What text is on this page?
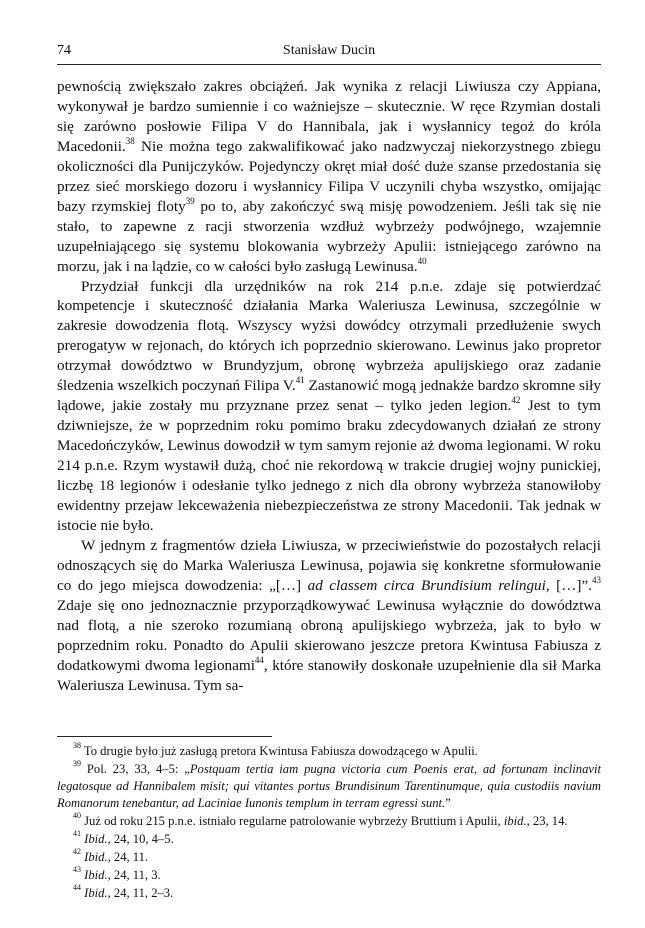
74	Stanisław Ducin

pewnością zwiększało zakres obciążeń. Jak wynika z relacji Liwiusza czy Appiana, wykonywał je bardzo sumiennie i co ważniejsze – skutecznie. W ręce Rzymian dostali się zarówno posłowie Filipa V do Hannibala, jak i wysłannicy tegoż do króla Macedonii.$^{38}$ Nie można tego zakwalifikować jako nadzwyczaj niekorzystnego zbiegu okoliczności dla Punijczyków. Pojedynczy okręt miał dość duże szanse przedostania się przez sieć morskiego dozoru i wysłannicy Filipa V uczynili chyba wszystko, omijając bazy rzymskiej floty$^{39}$ po to, aby zakończyć swą misję powodzeniem. Jeśli tak się nie stało, to zapewne z racji stworzenia wzdłuż wybrzeży podwójnego, wzajemnie uzupełniającego się systemu blokowania wybrzeży Apulii: istniejącego zarówno na morzu, jak i na lądzie, co w całości było zasługą Lewinusa.$^{40}$

Przydział funkcji dla urzędników na rok 214 p.n.e. zdaje się potwierdzać kompetencje i skuteczność działania Marka Waleriusza Lewinusa, szczególnie w zakresie dowodzenia flotą. Wszyscy wyżsi dowódcy otrzymali przedłużenie swych prerogatyw w rejonach, do których ich poprzednio skierowano. Lewinus jako propretor otrzymał dowództwo w Brundyzjum, obronę wybrzeża apulijskiego oraz zadanie śledzenia wszelkich poczynań Filipa V.$^{41}$ Zastanowić mogą jednakże bardzo skromne siły lądowe, jakie zostały mu przyznane przez senat – tylko jeden legion.$^{42}$ Jest to tym dziwniejsze, że w poprzednim roku pomimo braku zdecydowanych działań ze strony Macedończyków, Lewinus dowodził w tym samym rejonie aż dwoma legionami. W roku 214 p.n.e. Rzym wystawił dużą, choć nie rekordową w trakcie drugiej wojny punickiej, liczbę 18 legionów i odesłanie tylko jednego z nich dla obrony wybrzeża stanowiłoby ewidentny przejaw lekceważenia niebezpieczeństwa ze strony Macedonii. Tak jednak w istocie nie było.

W jednym z fragmentów dzieła Liwiusza, w przeciwieństwie do pozostałych relacji odnoszących się do Marka Waleriusza Lewinusa, pojawia się konkretne sformułowanie co do jego miejsca dowodzenia: „[…] ad classem circa Brundisium relingui, […]”.$^{43}$ Zdaje się ono jednoznacznie przyporządkowywać Lewinusa wyłącznie do dowództwa nad flotą, a nie szeroko rozumianą obroną apulijskiego wybrzeża, jak to było w poprzednim roku. Ponadto do Apulii skierowano jeszcze pretora Kwintusa Fabiusza z dodatkowymi dwoma legionami$^{44}$, które stanowiły doskonałe uzupełnienie dla sił Marka Waleriusza Lewinusa. Tym sa-

$^{38}$ To drugie było już zasługą pretora Kwintusa Fabiusza dowodzącego w Apulii.

$^{39}$ Pol. 23, 33, 4–5: „Postquam tertia iam pugna victoria cum Poenis erat, ad fortunam inclinavit legatosque ad Hannibalem misit; qui vitantes portus Brundisinum Tarentinumque, quia custodiis navium Romanorum tenebantur, ad Laciniae Iunonis templum in terram egressi sunt.”

$^{40}$ Już od roku 215 p.n.e. istniało regularne patrolowanie wybrzeży Bruttium i Apulii, ibid., 23, 14.

$^{41}$ Ibid., 24, 10, 4–5.

$^{42}$ Ibid., 24, 11.

$^{43}$ Ibid., 24, 11, 3.

$^{44}$ Ibid., 24, 11, 2–3.
